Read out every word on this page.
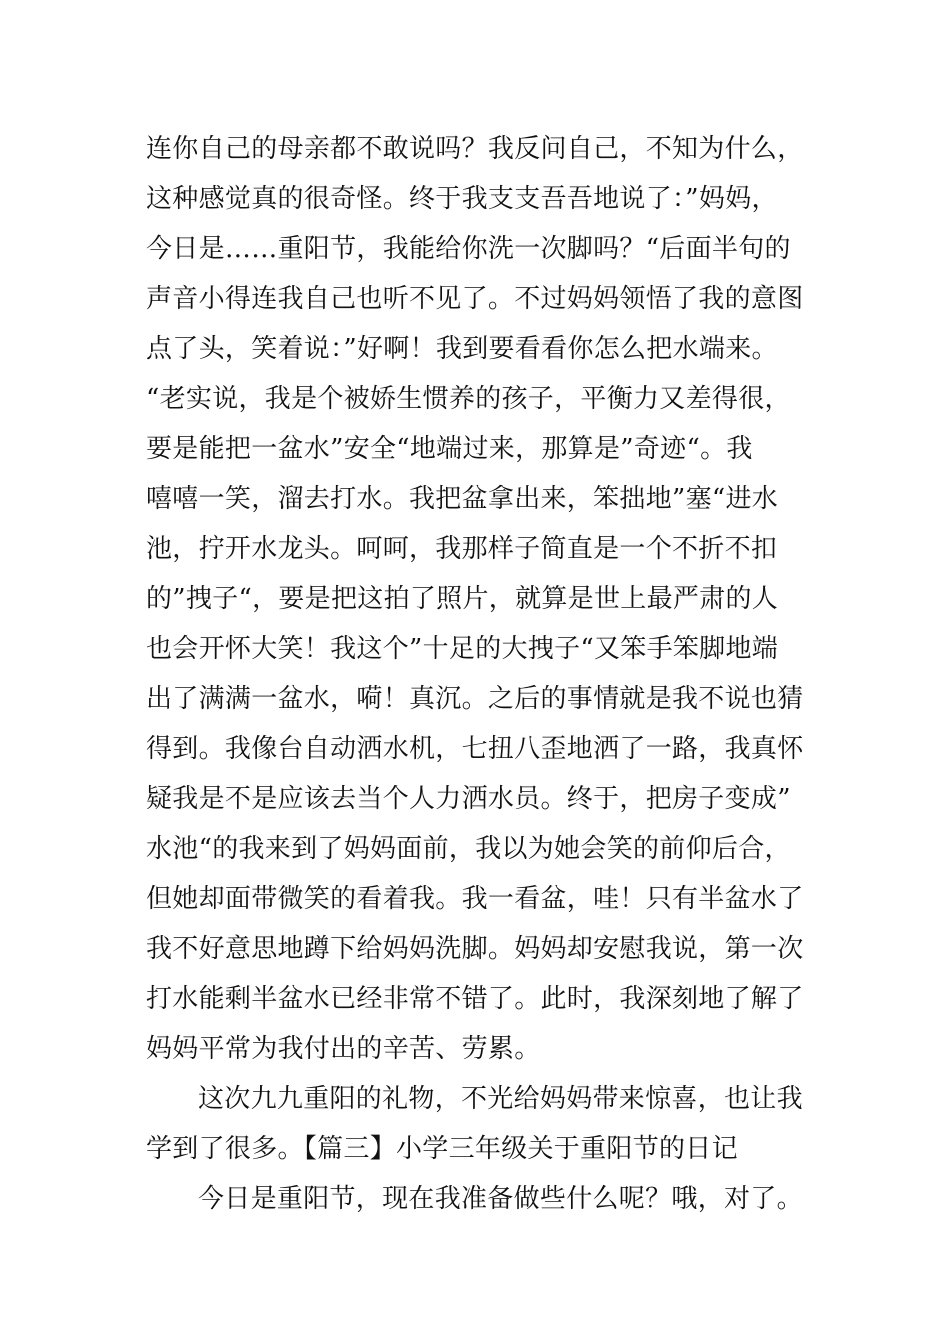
连你自己的母亲都不敢说吗？我反问自己，不知为什么，
这种感觉真的很奇怪。终于我支支吾吾地说了：”妈妈，
今日是……重阳节，我能给你洗一次脚吗？“后面半句的
声音小得连我自己也听不见了。不过妈妈领悟了我的意图
点了头，笑着说：”好啊！我到要看看你怎么把水端来。
“老实说，我是个被娇生惯养的孩子，平衡力又差得很，
要是能把一盆水”安全“地端过来，那算是”奇迹“。我
嘻嘻一笑，溜去打水。我把盆拿出来，笨拙地”塞“进水
池，拧开水龙头。呵呵，我那样子简直是一个不折不扣
的”拽子“，要是把这拍了照片，就算是世上最严肃的人
也会开怀大笑！我这个”十足的大拽子“又笨手笨脚地端
出了满满一盆水，嗬！真沉。之后的事情就是我不说也猜
得到。我像台自动洒水机，七扭八歪地洒了一路，我真怀
疑我是不是应该去当个人力洒水员。终于，把房子变成”
水池“的我来到了妈妈面前，我以为她会笑的前仰后合，
但她却面带微笑的看着我。我一看盆，哇！只有半盆水了
我不好意思地蹲下给妈妈洗脚。妈妈却安慰我说，第一次
打水能剩半盆水已经非常不错了。此时，我深刻地了解了
妈妈平常为我付出的辛苦、劳累。
这次九九重阳的礼物，不光给妈妈带来惊喜，也让我
学到了很多。【篇三】小学三年级关于重阳节的日记
今日是重阳节，现在我准备做些什么呢？哦，对了。
